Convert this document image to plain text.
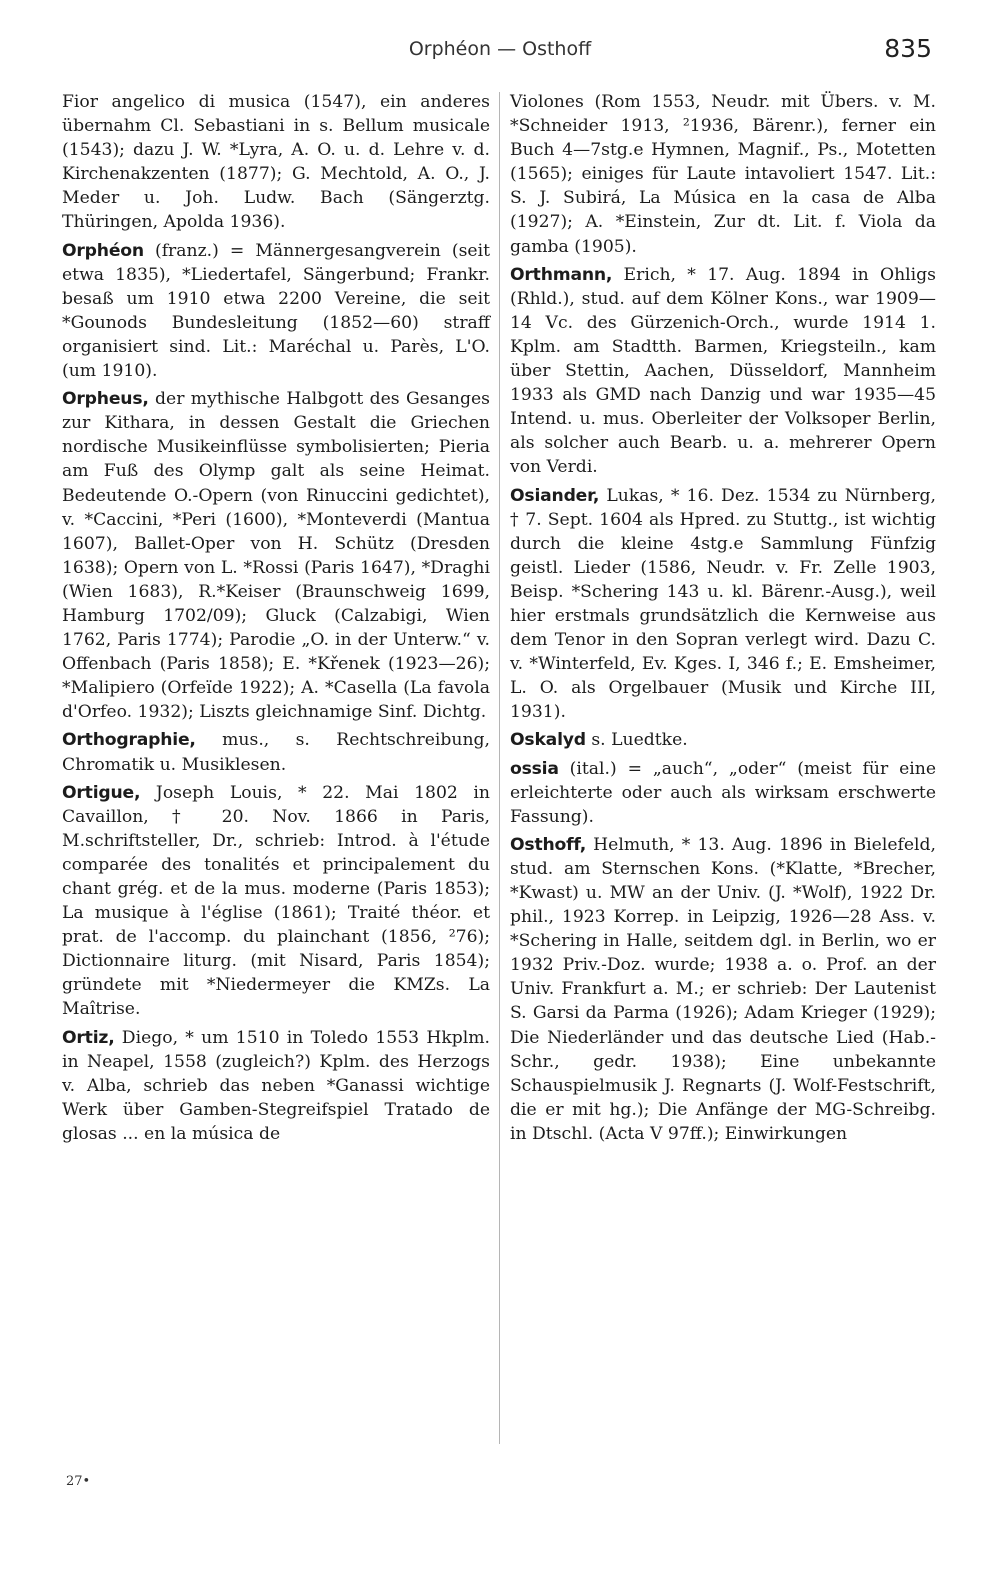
Orphéon — Osthoff	835

Fior angelico di musica (1547), ein anderes übernahm Cl. Sebastiani in s. Bellum musicale (1543); dazu J. W. *Lyra, A. O. u. d. Lehre v. d. Kirchenakzenten (1877); G. Mechtold, A. O., J. Meder u. Joh. Ludw. Bach (Sängerztg. Thüringen, Apolda 1936).

Orphéon (franz.) = Männergesangverein (seit etwa 1835), *Liedertafel, Sängerbund; Frankr. besaß um 1910 etwa 2200 Vereine, die seit *Gounods Bundesleitung (1852—60) straff organisiert sind. Lit.: Maréchal u. Parès, L'O. (um 1910).

Orpheus, der mythische Halbgott des Gesanges zur Kithara, in dessen Gestalt die Griechen nordische Musikeinflüsse symbolisierten; Pieria am Fuß des Olymp galt als seine Heimat. Bedeutende O.-Opern (von Rinuccini gedichtet), v. *Caccini, *Peri (1600), *Monteverdi (Mantua 1607), Ballet-Oper von H. Schütz (Dresden 1638); Opern von L. *Rossi (Paris 1647), *Draghi (Wien 1683), R.*Keiser (Braunschweig 1699, Hamburg 1702/09); Gluck (Calzabigi, Wien 1762, Paris 1774); Parodie „O. in der Unterw.“ v. Offenbach (Paris 1858); E. *Křenek (1923—26); *Malipiero (Orfeïde 1922); A. *Casella (La favola d'Orfeo. 1932); Liszts gleichnamige Sinf. Dichtg.

Orthographie, mus., s. Rechtschreibung, Chromatik u. Musiklesen.

Ortigue, Joseph Louis, * 22. Mai 1802 in Cavaillon, † 20. Nov. 1866 in Paris, M.schriftsteller, Dr., schrieb: Introd. à l'étude comparée des tonalités et principalement du chant grég. et de la mus. moderne (Paris 1853); La musique à l'église (1861); Traité théor. et prat. de l'accomp. du plainchant (1856, ²76); Dictionnaire liturg. (mit Nisard, Paris 1854); gründete mit *Niedermeyer die KMZs. La Maîtrise.

Ortiz, Diego, * um 1510 in Toledo 1553 Hkplm. in Neapel, 1558 (zugleich?) Kplm. des Herzogs v. Alba, schrieb das neben *Ganassi wichtige Werk über Gamben-Stegreifspiel Tratado de glosas ... en la música de

Violones (Rom 1553, Neudr. mit Übers. v. M. *Schneider 1913, ²1936, Bärenr.), ferner ein Buch 4—7stg.e Hymnen, Magnif., Ps., Motetten (1565); einiges für Laute intavoliert 1547. Lit.: S. J. Subirá, La Música en la casa de Alba (1927); A. *Einstein, Zur dt. Lit. f. Viola da gamba (1905).

Orthmann, Erich, * 17. Aug. 1894 in Ohligs (Rhld.), stud. auf dem Kölner Kons., war 1909—14 Vc. des Gürzenich-Orch., wurde 1914 1. Kplm. am Stadtth. Barmen, Kriegsteiln., kam über Stettin, Aachen, Düsseldorf, Mannheim 1933 als GMD nach Danzig und war 1935—45 Intend. u. mus. Oberleiter der Volksoper Berlin, als solcher auch Bearb. u. a. mehrerer Opern von Verdi.

Osiander, Lukas, * 16. Dez. 1534 zu Nürnberg, † 7. Sept. 1604 als Hpred. zu Stuttg., ist wichtig durch die kleine 4stg.e Sammlung Fünfzig geistl. Lieder (1586, Neudr. v. Fr. Zelle 1903, Beisp. *Schering 143 u. kl. Bärenr.-Ausg.), weil hier erstmals grundsätzlich die Kernweise aus dem Tenor in den Sopran verlegt wird. Dazu C. v. *Winterfeld, Ev. Kges. I, 346 f.; E. Emsheimer, L. O. als Orgelbauer (Musik und Kirche III, 1931).

Oskalyd s. Luedtke.

ossia (ital.) = „auch“, „oder“ (meist für eine erleichterte oder auch als wirksam erschwerte Fassung).

Osthoff, Helmuth, * 13. Aug. 1896 in Bielefeld, stud. am Sternschen Kons. (*Klatte, *Brecher, *Kwast) u. MW an der Univ. (J. *Wolf), 1922 Dr. phil., 1923 Korrep. in Leipzig, 1926—28 Ass. v. *Schering in Halle, seitdem dgl. in Berlin, wo er 1932 Priv.-Doz. wurde; 1938 a. o. Prof. an der Univ. Frankfurt a. M.; er schrieb: Der Lautenist S. Garsi da Parma (1926); Adam Krieger (1929); Die Niederländer und das deutsche Lied (Hab.-Schr., gedr. 1938); Eine unbekannte Schauspielmusik J. Regnarts (J. Wolf-Festschrift, die er mit hg.); Die Anfänge der MG-Schreibg. in Dtschl. (Acta V 97ff.); Einwirkungen

27•
